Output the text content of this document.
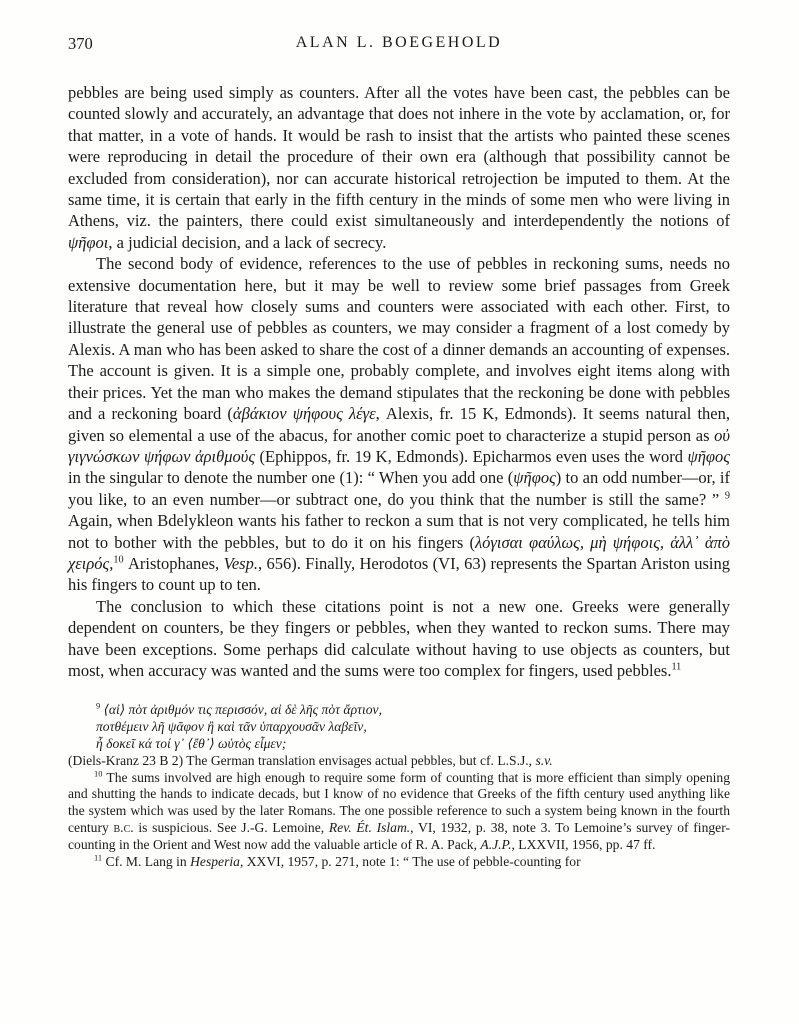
370	ALAN L. BOEGEHOLD

pebbles are being used simply as counters. After all the votes have been cast, the pebbles can be counted slowly and accurately, an advantage that does not inhere in the vote by acclamation, or, for that matter, in a vote of hands. It would be rash to insist that the artists who painted these scenes were reproducing in detail the procedure of their own era (although that possibility cannot be excluded from consideration), nor can accurate historical retrojection be imputed to them. At the same time, it is certain that early in the fifth century in the minds of some men who were living in Athens, viz. the painters, there could exist simultaneously and interdependently the notions of ψῆφοι, a judicial decision, and a lack of secrecy.

The second body of evidence, references to the use of pebbles in reckoning sums, needs no extensive documentation here, but it may be well to review some brief passages from Greek literature that reveal how closely sums and counters were associated with each other. First, to illustrate the general use of pebbles as counters, we may consider a fragment of a lost comedy by Alexis. A man who has been asked to share the cost of a dinner demands an accounting of expenses. The account is given. It is a simple one, probably complete, and involves eight items along with their prices. Yet the man who makes the demand stipulates that the reckoning be done with pebbles and a reckoning board (ἀβάκιον ψήφους λέγε, Alexis, fr. 15 K, Edmonds). It seems natural then, given so elemental a use of the abacus, for another comic poet to characterize a stupid person as οὐ γιγνώσκων ψήφων ἀριθμούς (Ephippos, fr. 19 K, Edmonds). Epicharmos even uses the word ψῆφος in the singular to denote the number one (1): “ When you add one (ψῆφος) to an odd number—or, if you like, to an even number—or subtract one, do you think that the number is still the same? ” $^9$ Again, when Bdelykleon wants his father to reckon a sum that is not very complicated, he tells him not to bother with the pebbles, but to do it on his fingers (λόγισαι φαύλως, μὴ ψήφοις, ἀλλ᾽ ἀπὸ χειρός,$^{10}$ Aristophanes, Vesp., 656). Finally, Herodotos (VI, 63) represents the Spartan Ariston using his fingers to count up to ten.

The conclusion to which these citations point is not a new one. Greeks were generally dependent on counters, be they fingers or pebbles, when they wanted to reckon sums. There may have been exceptions. Some perhaps did calculate without having to use objects as counters, but most, when accuracy was wanted and the sums were too complex for fingers, used pebbles.$^{11}$

$^9$ ⟨αἰ⟩ πὸτ ἀριθμόν τις περισσόν, αἰ δὲ λῆς πὸτ ἄρτιον,
ποτθέμειν λῆ ψᾶφον ἢ καὶ τᾶν ὑπαρχουσᾶν λαβεῖν,
ἦ δοκεῖ κά τοί γ᾽ ⟨ἔθ᾽⟩ ωὑτὸς εἶμεν;

(Diels-Kranz 23 B 2) The German translation envisages actual pebbles, but cf. L.S.J., s.v.

$^{10}$ The sums involved are high enough to require some form of counting that is more efficient than simply opening and shutting the hands to indicate decads, but I know of no evidence that Greeks of the fifth century used anything like the system which was used by the later Romans. The one possible reference to such a system being known in the fourth century b.c. is suspicious. See J.-G. Lemoine, Rev. Ét. Islam., VI, 1932, p. 38, note 3. To Lemoine’s survey of finger-counting in the Orient and West now add the valuable article of R. A. Pack, A.J.P., LXXVII, 1956, pp. 47 ff.

$^{11}$ Cf. M. Lang in Hesperia, XXVI, 1957, p. 271, note 1: “ The use of pebble-counting for
